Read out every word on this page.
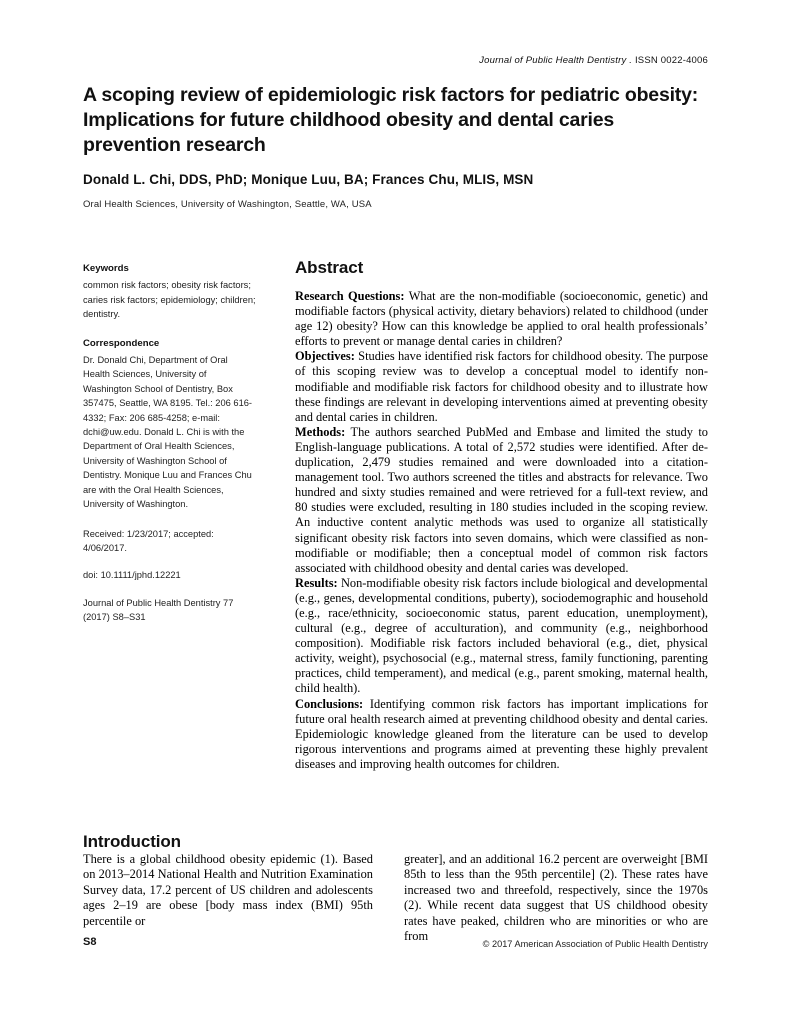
Journal of Public Health Dentistry . ISSN 0022-4006
A scoping review of epidemiologic risk factors for pediatric obesity: Implications for future childhood obesity and dental caries prevention research
Donald L. Chi, DDS, PhD; Monique Luu, BA; Frances Chu, MLIS, MSN
Oral Health Sciences, University of Washington, Seattle, WA, USA
Keywords

common risk factors; obesity risk factors; caries risk factors; epidemiology; children; dentistry.

Correspondence

Dr. Donald Chi, Department of Oral Health Sciences, University of Washington School of Dentistry, Box 357475, Seattle, WA 8195. Tel.: 206 616-4332; Fax: 206 685-4258; e-mail: dchi@uw.edu. Donald L. Chi is with the Department of Oral Health Sciences, University of Washington School of Dentistry. Monique Luu and Frances Chu are with the Oral Health Sciences, University of Washington.

Received: 1/23/2017; accepted: 4/06/2017.

doi: 10.1111/jphd.12221

Journal of Public Health Dentistry 77 (2017) S8–S31

Abstract

Research Questions: What are the non-modifiable (socioeconomic, genetic) and modifiable factors (physical activity, dietary behaviors) related to childhood (under age 12) obesity? How can this knowledge be applied to oral health professionals’ efforts to prevent or manage dental caries in children?

Objectives: Studies have identified risk factors for childhood obesity. The purpose of this scoping review was to develop a conceptual model to identify non-modifiable and modifiable risk factors for childhood obesity and to illustrate how these findings are relevant in developing interventions aimed at preventing obesity and dental caries in children.

Methods: The authors searched PubMed and Embase and limited the study to English-language publications. A total of 2,572 studies were identified. After de-duplication, 2,479 studies remained and were downloaded into a citation-management tool. Two authors screened the titles and abstracts for relevance. Two hundred and sixty studies remained and were retrieved for a full-text review, and 80 studies were excluded, resulting in 180 studies included in the scoping review. An inductive content analytic methods was used to organize all statistically significant obesity risk factors into seven domains, which were classified as non-modifiable or modifiable; then a conceptual model of common risk factors associated with childhood obesity and dental caries was developed.

Results: Non-modifiable obesity risk factors include biological and developmental (e.g., genes, developmental conditions, puberty), sociodemographic and household (e.g., race/ethnicity, socioeconomic status, parent education, unemployment), cultural (e.g., degree of acculturation), and community (e.g., neighborhood composition). Modifiable risk factors included behavioral (e.g., diet, physical activity, weight), psychosocial (e.g., maternal stress, family functioning, parenting practices, child temperament), and medical (e.g., parent smoking, maternal health, child health).

Conclusions: Identifying common risk factors has important implications for future oral health research aimed at preventing childhood obesity and dental caries. Epidemiologic knowledge gleaned from the literature can be used to develop rigorous interventions and programs aimed at preventing these highly prevalent diseases and improving health outcomes for children.

Introduction

There is a global childhood obesity epidemic (1). Based on 2013–2014 National Health and Nutrition Examination Survey data, 17.2 percent of US children and adolescents ages 2–19 are obese [body mass index (BMI) 95th percentile or

greater], and an additional 16.2 percent are overweight [BMI 85th to less than the 95th percentile] (2). These rates have increased two and threefold, respectively, since the 1970s (2). While recent data suggest that US childhood obesity rates have peaked, children who are minorities or who are from

S8	© 2017 American Association of Public Health Dentistry
